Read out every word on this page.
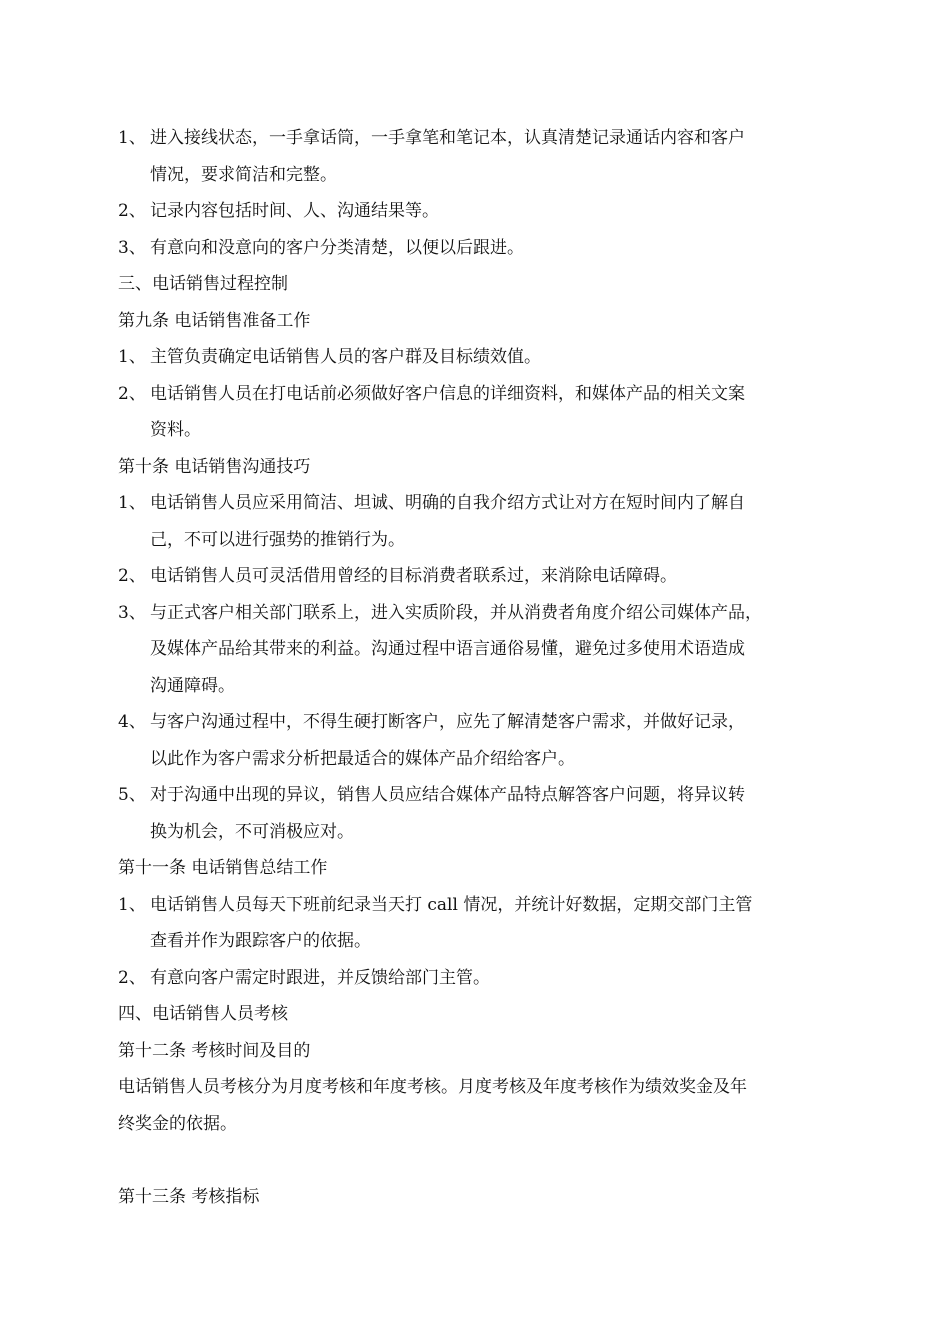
1、 进入接线状态，一手拿话筒，一手拿笔和笔记本，认真清楚记录通话内容和客户
情况，要求简洁和完整。
2、 记录内容包括时间、人、沟通结果等。
3、 有意向和没意向的客户分类清楚，以便以后跟进。
三、电话销售过程控制
第九条 电话销售准备工作
1、 主管负责确定电话销售人员的客户群及目标绩效值。
2、 电话销售人员在打电话前必须做好客户信息的详细资料，和媒体产品的相关文案
资料。
第十条 电话销售沟通技巧
1、 电话销售人员应采用简洁、坦诚、明确的自我介绍方式让对方在短时间内了解自
己，不可以进行强势的推销行为。
2、 电话销售人员可灵活借用曾经的目标消费者联系过，来消除电话障碍。
3、 与正式客户相关部门联系上，进入实质阶段，并从消费者角度介绍公司媒体产品，
及媒体产品给其带来的利益。沟通过程中语言通俗易懂，避免过多使用术语造成
沟通障碍。
4、 与客户沟通过程中，不得生硬打断客户，应先了解清楚客户需求，并做好记录，
以此作为客户需求分析把最适合的媒体产品介绍给客户。
5、 对于沟通中出现的异议，销售人员应结合媒体产品特点解答客户问题，将异议转
换为机会，不可消极应对。
第十一条 电话销售总结工作
1、 电话销售人员每天下班前纪录当天打 call 情况，并统计好数据，定期交部门主管
查看并作为跟踪客户的依据。
2、 有意向客户需定时跟进，并反馈给部门主管。
四、电话销售人员考核
第十二条 考核时间及目的
电话销售人员考核分为月度考核和年度考核。月度考核及年度考核作为绩效奖金及年
终奖金的依据。
第十三条 考核指标
